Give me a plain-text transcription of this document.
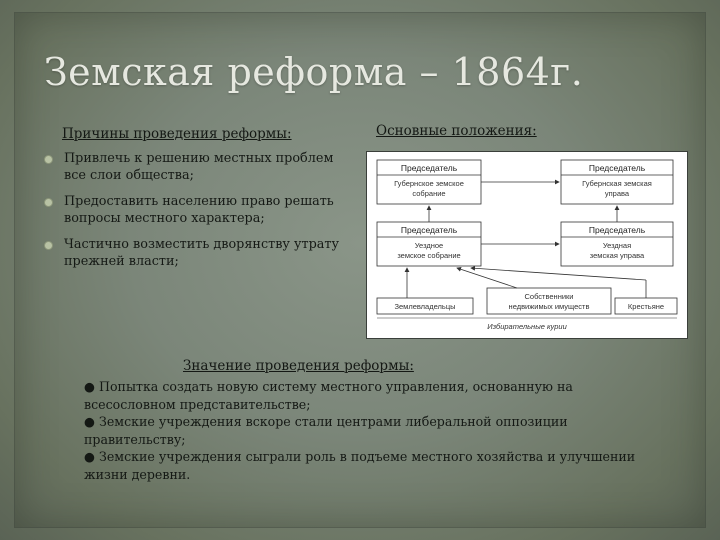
Земская реформа – 1864г.
Причины проведения реформы:
Привлечь к решению местных проблем все слои общества;
Предоставить населению право решать вопросы местного характера;
Частично возместить дворянству утрату прежней власти;
Основные положения:
Председатель
Губернское земское
собрание
Председатель
Губернская земская
управа
Председатель
Уездное
земское собрание
Председатель
Уездная
земская управа
Землевладельцы
Собственники
недвижимых имуществ	Крестьяне
Избирательные курии
Значение проведения реформы:

● Попытка создать новую систему местного управления, основанную на всесословном представительстве;

● Земские учреждения вскоре стали центрами либеральной оппозиции правительству;

● Земские учреждения сыграли роль в подъеме местного хозяйства и улучшении жизни деревни.
